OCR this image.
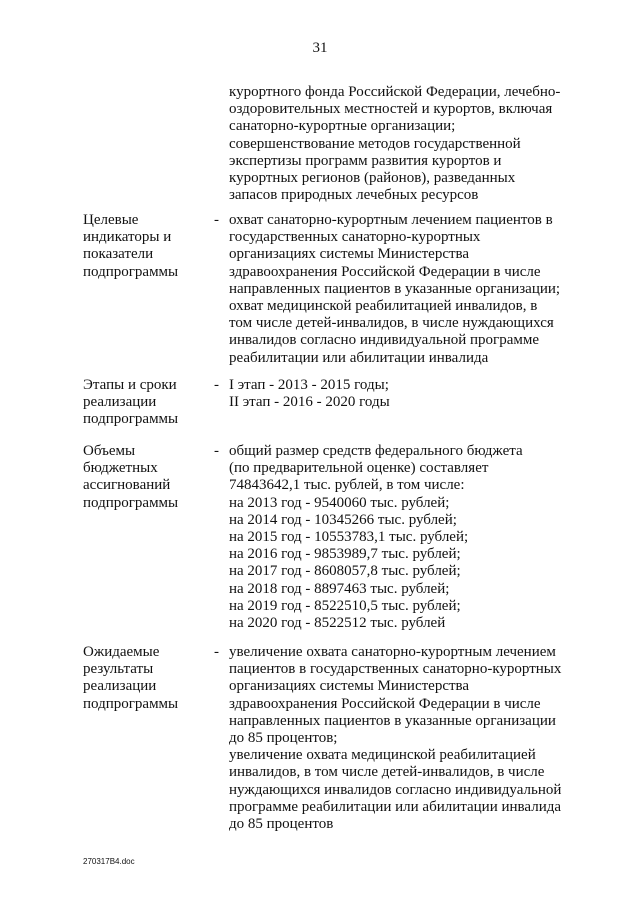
31
курортного фонда Российской Федерации, лечебно-
оздоровительных местностей и курортов, включая
санаторно-курортные организации;
совершенствование методов государственной
экспертизы программ развития курортов и
курортных регионов (районов), разведанных
запасов природных лечебных ресурсов
Целевые
индикаторы и
показатели
подпрограммы
- охват санаторно-курортным лечением пациентов в
государственных санаторно-курортных
организациях системы Министерства
здравоохранения Российской Федерации в числе
направленных пациентов в указанные организации;
охват медицинской реабилитацией инвалидов, в
том числе детей-инвалидов, в числе нуждающихся
инвалидов согласно индивидуальной программе
реабилитации или абилитации инвалида
Этапы и сроки
реализации
подпрограммы
- I этап - 2013 - 2015 годы;
II этап - 2016 - 2020 годы
Объемы
бюджетных
ассигнований
подпрограммы
- общий размер средств федерального бюджета
(по предварительной оценке) составляет
74843642,1 тыс. рублей, в том числе:
на 2013 год - 9540060 тыс. рублей;
на 2014 год - 10345266 тыс. рублей;
на 2015 год - 10553783,1 тыс. рублей;
на 2016 год - 9853989,7 тыс. рублей;
на 2017 год - 8608057,8 тыс. рублей;
на 2018 год - 8897463 тыс. рублей;
на 2019 год - 8522510,5 тыс. рублей;
на 2020 год - 8522512 тыс. рублей
Ожидаемые
результаты
реализации
подпрограммы
- увеличение охвата санаторно-курортным лечением
пациентов в государственных санаторно-курортных
организациях системы Министерства
здравоохранения Российской Федерации в числе
направленных пациентов в указанные организации
до 85 процентов;
увеличение охвата медицинской реабилитацией
инвалидов, в том числе детей-инвалидов, в числе
нуждающихся инвалидов согласно индивидуальной
программе реабилитации или абилитации инвалида
до 85 процентов
270317В4.doc
